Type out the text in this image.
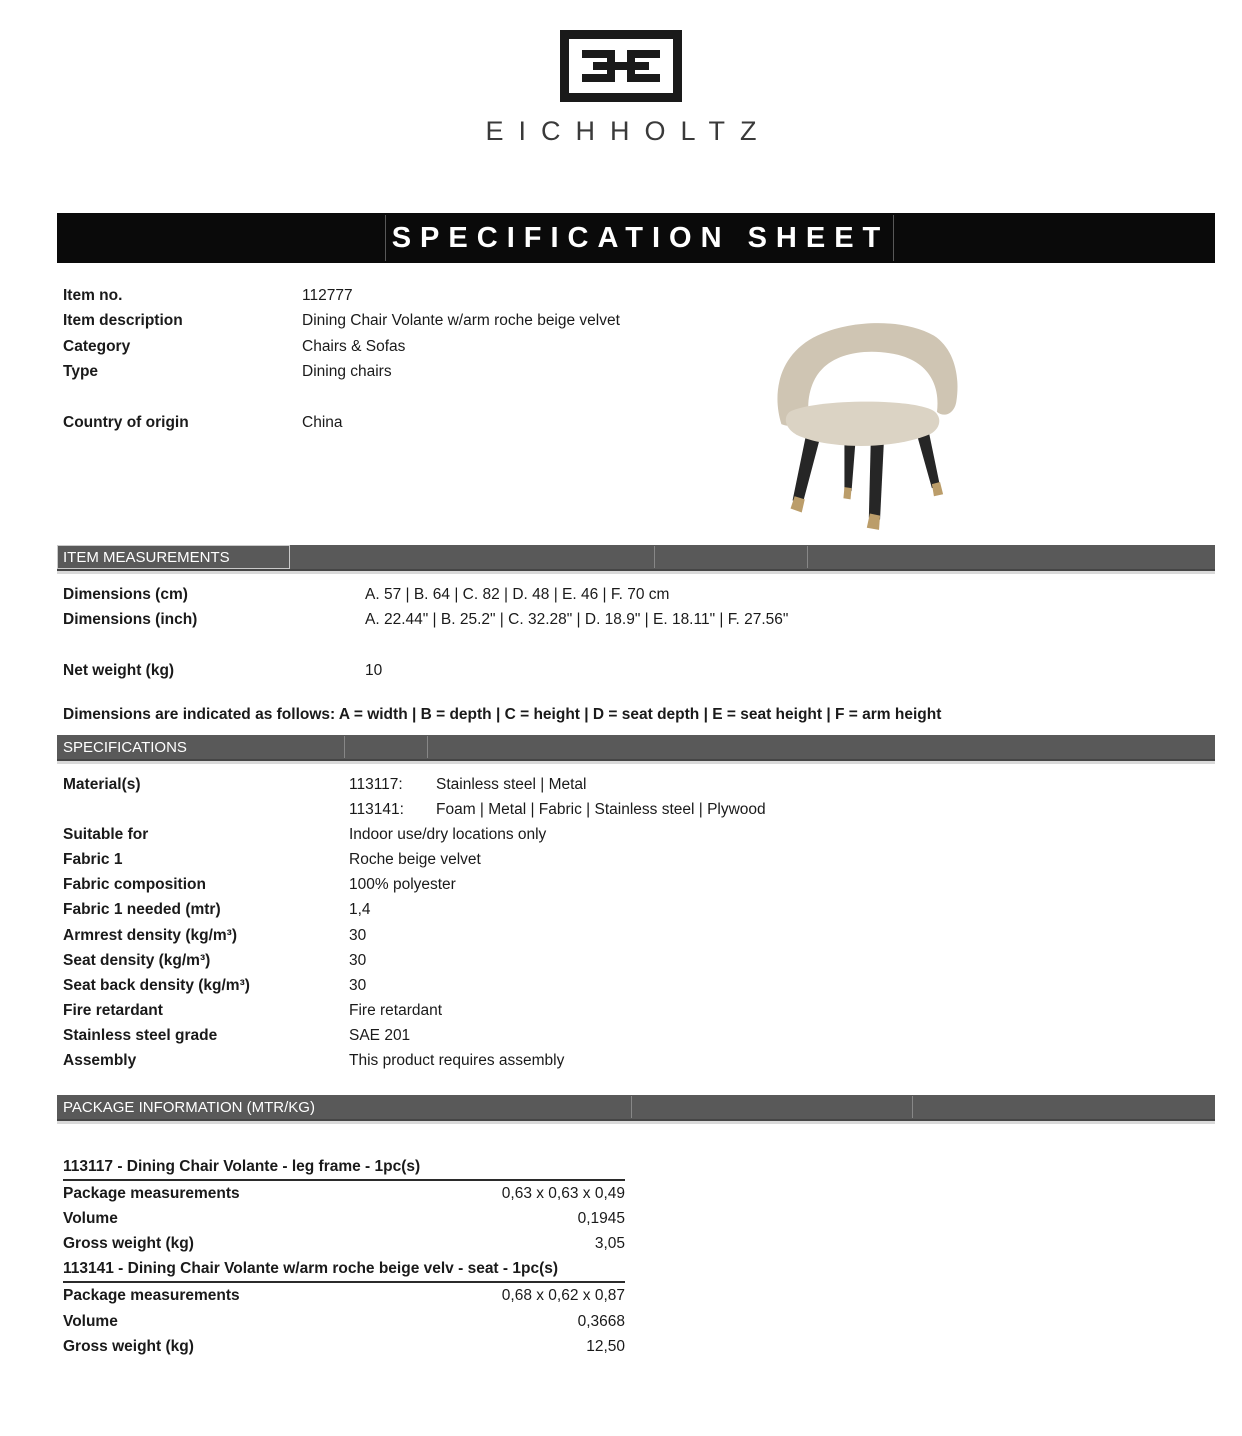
EICHHOLTZ
SPECIFICATION SHEET
Item no.	112777
Item description	Dining Chair Volante w/arm roche beige velvet
Category	Chairs & Sofas
Type	Dining chairs
Country of origin	China
ITEM MEASUREMENTS
Dimensions (cm)	A. 57 | B. 64 | C. 82 | D. 48 | E. 46 | F. 70 cm
Dimensions (inch)	A. 22.44" | B. 25.2" | C. 32.28" | D. 18.9" | E. 18.11" | F. 27.56"
Net weight (kg)	10
Dimensions are indicated as follows: A = width | B = depth | C = height | D = seat depth | E = seat height | F = arm height
SPECIFICATIONS
Material(s)	113117: Stainless steel | Metal
113141: Foam | Metal | Fabric | Stainless steel | Plywood
Suitable for	Indoor use/dry locations only
Fabric 1	Roche beige velvet
Fabric composition	100% polyester
Fabric 1 needed (mtr)	1,4
Armrest density (kg/m³)	30
Seat density (kg/m³)	30
Seat back density (kg/m³)	30
Fire retardant	Fire retardant
Stainless steel grade	SAE 201
Assembly	This product requires assembly
PACKAGE INFORMATION (MTR/KG)
113117 - Dining Chair Volante - leg frame - 1pc(s)
Package measurements	0,63 x 0,63 x 0,49
Volume	0,1945
Gross weight (kg)	3,05
113141 - Dining Chair Volante w/arm roche beige velv - seat - 1pc(s)
Package measurements	0,68 x 0,62 x 0,87
Volume	0,3668
Gross weight (kg)	12,50
